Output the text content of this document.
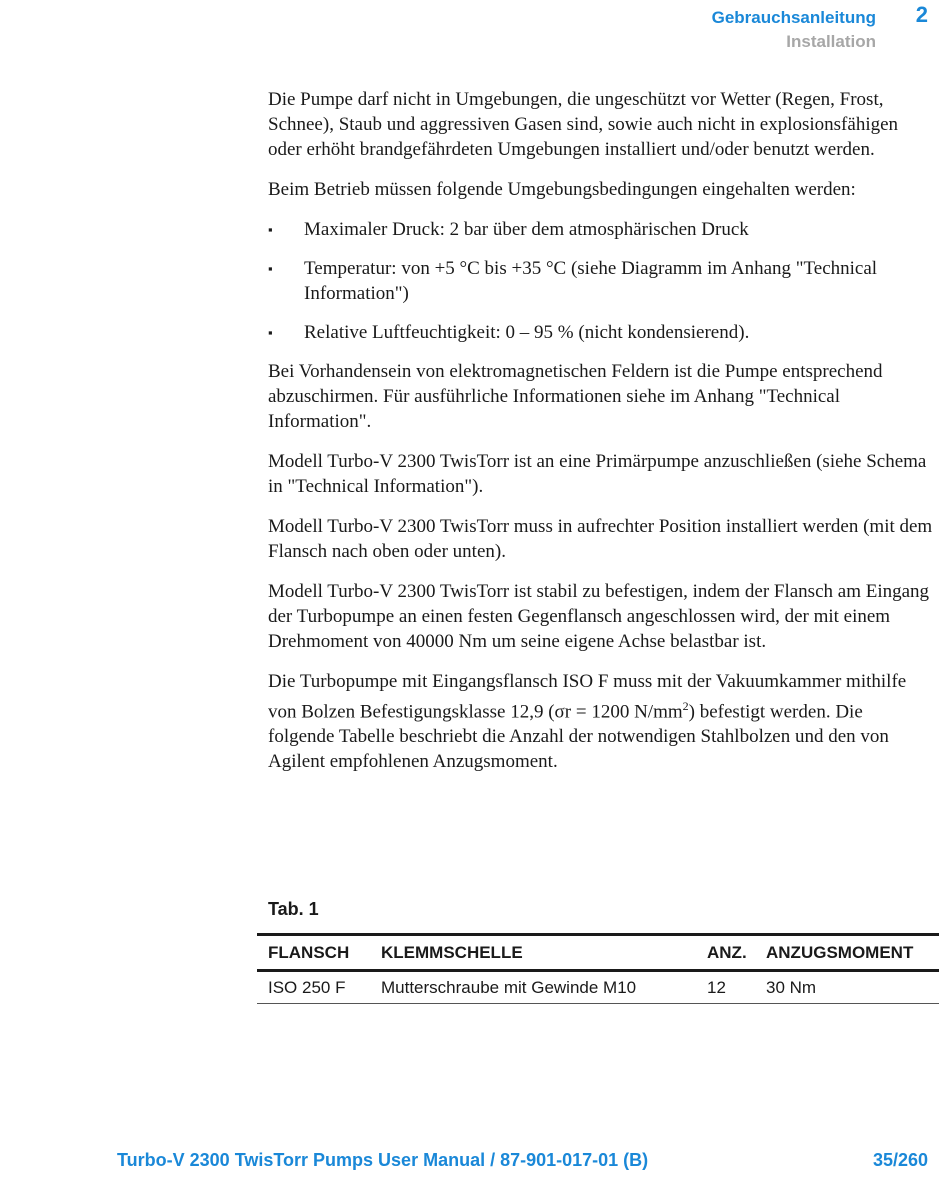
Gebrauchsanleitung
Installation
2

Die Pumpe darf nicht in Umgebungen, die ungeschützt vor Wetter (Regen, Frost, Schnee), Staub und aggressiven Gasen sind, sowie auch nicht in explosionsfähigen oder erhöht brandgefährdeten Umgebungen installiert und/oder benutzt werden.

Beim Betrieb müssen folgende Umgebungsbedingungen eingehalten werden:

▪ Maximaler Druck: 2 bar über dem atmosphärischen Druck
▪ Temperatur: von +5 °C bis +35 °C (siehe Diagramm im Anhang "Technical Information")
▪ Relative Luftfeuchtigkeit: 0 – 95 % (nicht kondensierend).

Bei Vorhandensein von elektromagnetischen Feldern ist die Pumpe entsprechend abzuschirmen. Für ausführliche Informationen siehe im Anhang "Technical Information".

Modell Turbo-V 2300 TwisTorr ist an eine Primärpumpe anzuschließen (siehe Schema in "Technical Information").

Modell Turbo-V 2300 TwisTorr muss in aufrechter Position installiert werden (mit dem Flansch nach oben oder unten).

Modell Turbo-V 2300 TwisTorr ist stabil zu befestigen, indem der Flansch am Eingang der Turbopumpe an einen festen Gegenflansch angeschlossen wird, der mit einem Drehmoment von 40000 Nm um seine eigene Achse belastbar ist.

Die Turbopumpe mit Eingangsflansch ISO F muss mit der Vakuumkammer mithilfe von Bolzen Befestigungsklasse 12,9 (σr = 1200 $N/mm^2$) befestigt werden. Die folgende Tabelle beschriebt die Anzahl der notwendigen Stahlbolzen und den von Agilent empfohlenen Anzugsmoment.

Tab. 1
FLANSCH	KLEMMSCHELLE	ANZ.	ANZUGSMOMENT
ISO 250 F	Mutterschraube mit Gewinde M10	12	30 Nm
Turbo-V 2300 TwisTorr Pumps User Manual / 87-901-017-01 (B)	35/260
